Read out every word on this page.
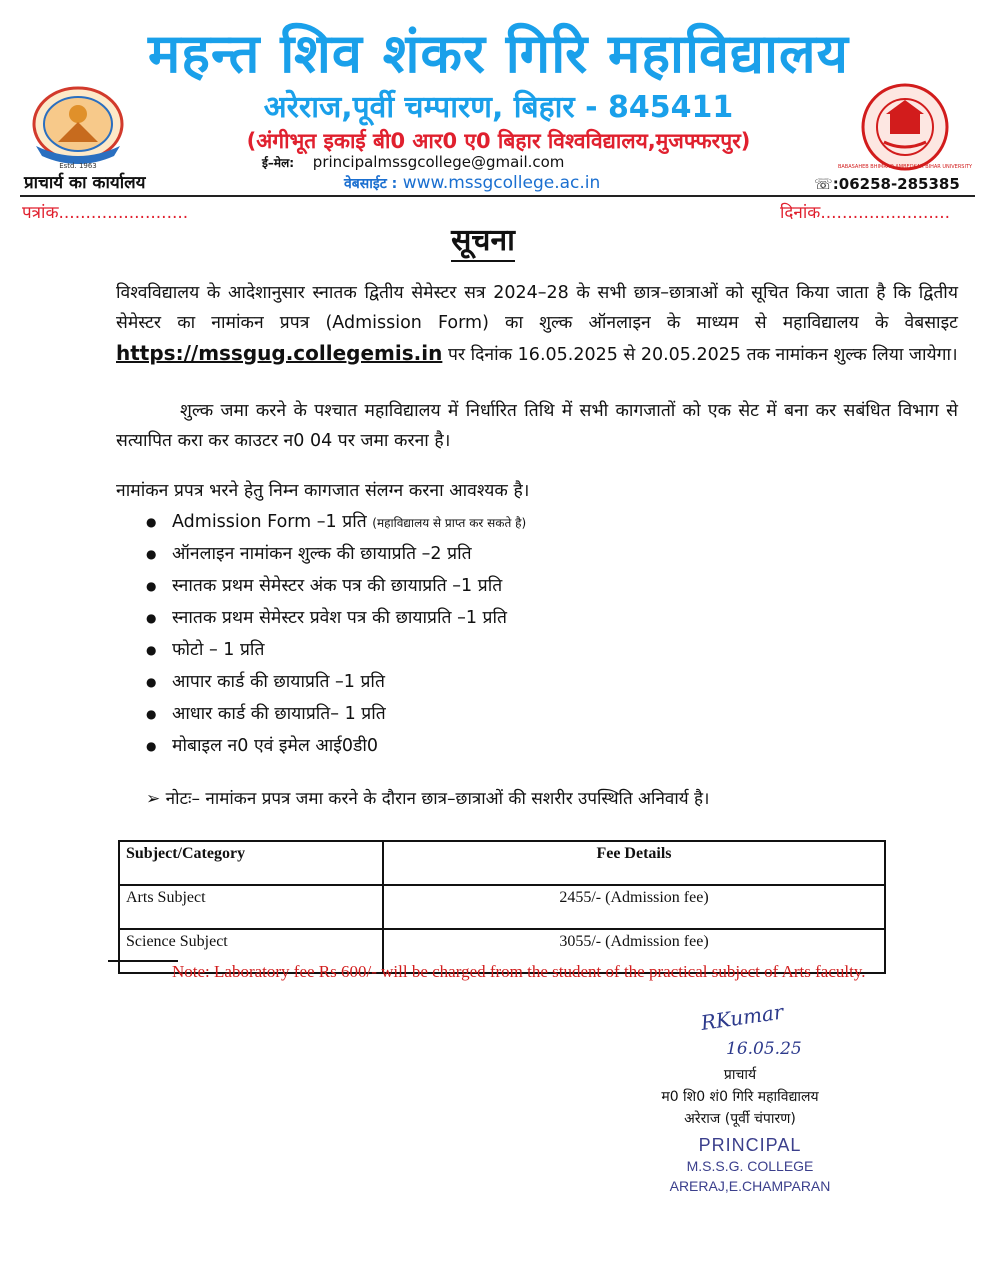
महन्त शिव शंकर गिरि महाविद्यालय
Estd. 1963
अरेराज,पूर्वी चम्पारण, बिहार - 845411
BABASAHEB BHIMRAO AMBEDKAR BIHAR UNIVERSITY
(अंगीभूत इकाई बी0 आर0 ए0 बिहार विश्वविद्यालय,मुजफ्फरपुर)
ई–मेल: principalmssgcollege@gmail.com
प्राचार्य का कार्यालय	वेबसाईट : www.mssgcollege.ac.in	☏:06258-285385
पत्रांक........................	दिनांक........................
सूचना
विश्वविद्यालय के आदेशानुसार स्नातक द्वितीय सेमेस्टर सत्र 2024–28 के सभी छात्र–छात्राओं को सूचित किया जाता है कि द्वितीय सेमेस्टर का नामांकन प्रपत्र (Admission Form) का शुल्क ऑनलाइन के माध्यम से महाविद्यालय के वेबसाइट https://mssgug.collegemis.in पर दिनांक 16.05.2025 से 20.05.2025 तक नामांकन शुल्क लिया जायेगा।
शुल्क जमा करने के पश्चात महाविद्यालय में निर्धारित तिथि में सभी कागजातों को एक सेट में बना कर सबंधित विभाग से सत्यापित करा कर काउटर न0 04 पर जमा करना है।
नामांकन प्रपत्र भरने हेतु निम्न कागजात संलग्न करना आवश्यक है।
● Admission Form –1 प्रति (महाविद्यालय से प्राप्त कर सकते है)
● ऑनलाइन नामांकन शुल्क की छायाप्रति –2 प्रति
● स्नातक प्रथम सेमेस्टर अंक पत्र की छायाप्रति –1 प्रति
● स्नातक प्रथम सेमेस्टर प्रवेश पत्र की छायाप्रति –1 प्रति
● फोटो – 1 प्रति
● आपार कार्ड की छायाप्रति –1 प्रति
● आधार कार्ड की छायाप्रति– 1 प्रति
● मोबाइल न0 एवं इमेल आई0डी0
➢ नोटः– नामांकन प्रपत्र जमा करने के दौरान छात्र–छात्राओं की सशरीर उपस्थिति अनिवार्य है।
Subject/Category	Fee Details
Arts Subject	2455/- (Admission fee)
Science Subject	3055/- (Admission fee)
Note: Laboratory fee Rs 600/- will be charged from the student of the practical subject of Arts faculty.
RKumar
16.05.25
प्राचार्य
म0 शि0 शं0 गिरि महाविद्यालय
अरेराज (पूर्वी चंपारण)
PRINCIPAL
M.S.S.G. COLLEGE
ARERAJ,E.CHAMPARAN
